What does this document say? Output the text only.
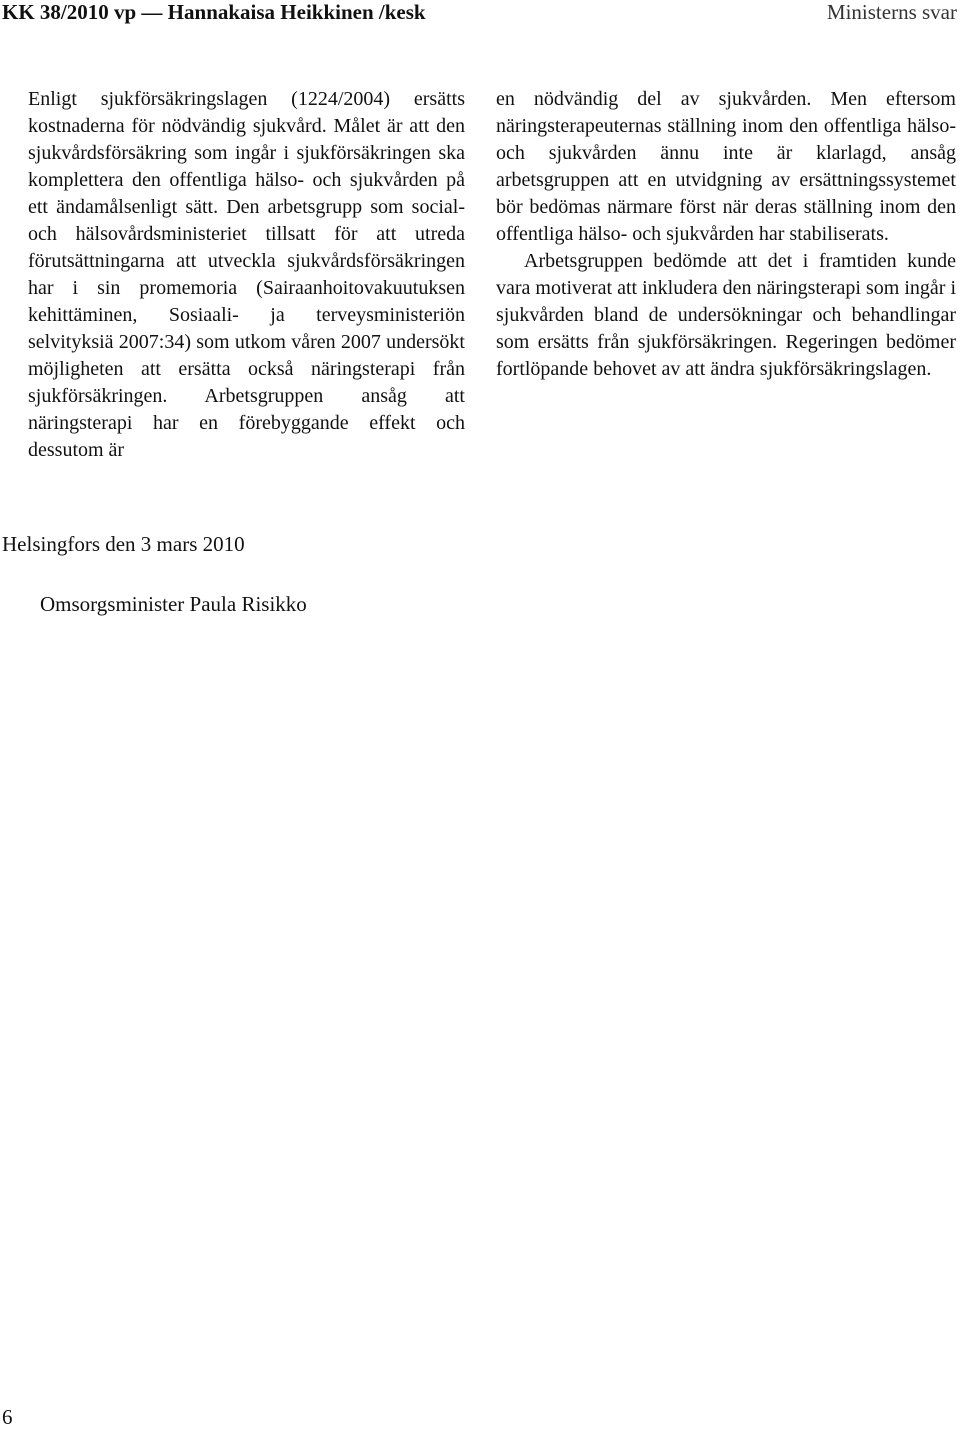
KK 38/2010 vp — Hannakaisa Heikkinen /kesk	Ministerns svar

Enligt sjukförsäkringslagen (1224/2004) ersätts kostnaderna för nödvändig sjukvård. Målet är att den sjukvårdsförsäkring som ingår i sjukförsäkringen ska komplettera den offentliga hälso- och sjukvården på ett ändamålsenligt sätt. Den arbetsgrupp som social- och hälsovårdsministeriet tillsatt för att utreda förutsättningarna att utveckla sjukvårdsförsäkringen har i sin promemoria (Sairaanhoitovakuutuksen kehittäminen, Sosiaali- ja terveysministeriön selvityksiä 2007:34) som utkom våren 2007 undersökt möjligheten att ersätta också näringsterapi från sjukförsäkringen. Arbetsgruppen ansåg att näringsterapi har en förebyggande effekt och dessutom är

en nödvändig del av sjukvården. Men eftersom näringsterapeuternas ställning inom den offentliga hälso- och sjukvården ännu inte är klarlagd, ansåg arbetsgruppen att en utvidgning av ersättningssystemet bör bedömas närmare först när deras ställning inom den offentliga hälso- och sjukvården har stabiliserats.

Arbetsgruppen bedömde att det i framtiden kunde vara motiverat att inkludera den näringsterapi som ingår i sjukvården bland de undersökningar och behandlingar som ersätts från sjukförsäkringen. Regeringen bedömer fortlöpande behovet av att ändra sjukförsäkringslagen.

Helsingfors den 3 mars 2010
Omsorgsminister Paula Risikko
6
